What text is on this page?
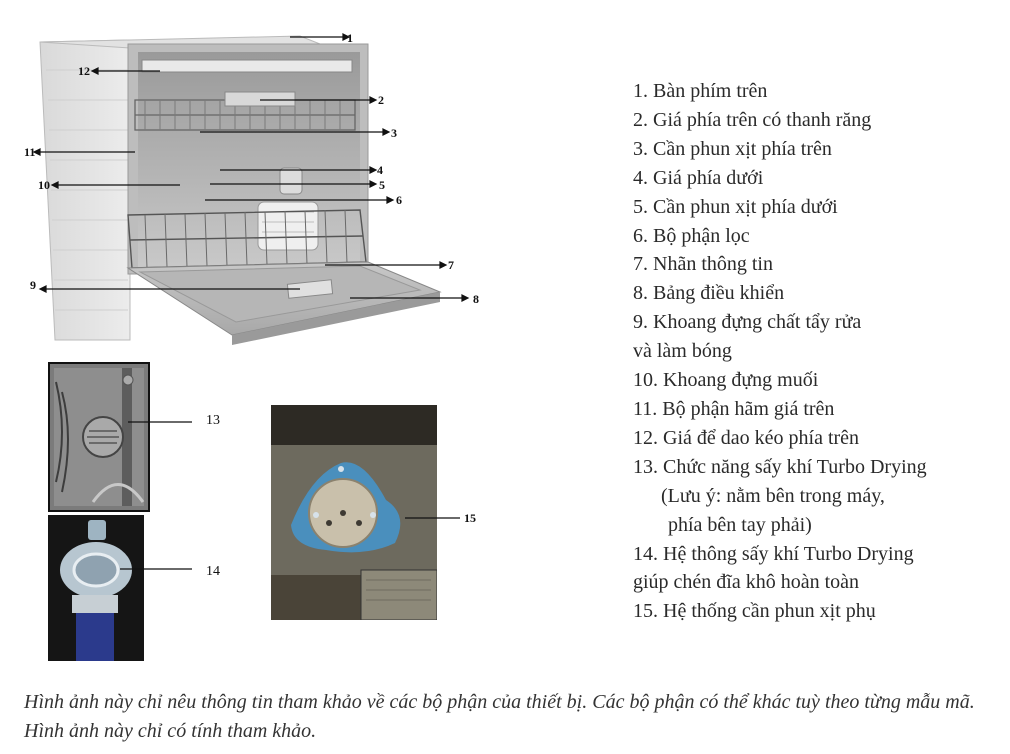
1
2
3
4
5
6
7
8
9
10
11
12
13
14
15
1. Bàn phím trên
2. Giá phía trên có thanh răng
3. Cần phun xịt phía trên
4. Giá phía dưới
5. Cần phun xịt phía dưới
6. Bộ phận lọc
7. Nhãn thông tin
8. Bảng điều khiển
9. Khoang đựng chất tẩy rửa
và làm bóng
10. Khoang đựng muối
11. Bộ phận hãm giá trên
12. Giá để dao kéo phía trên
13. Chức năng sấy khí Turbo Drying
(Lưu ý: nằm bên trong máy,
phía bên tay phải)
14. Hệ thông sấy khí Turbo Drying
giúp chén đĩa khô hoàn toàn
15. Hệ thống cần phun xịt phụ
Hình ảnh này chỉ nêu thông tin tham khảo về các bộ phận của thiết bị. Các bộ phận có thể khác tuỳ theo từng mẫu mã. Hình ảnh này chỉ có tính tham khảo.
